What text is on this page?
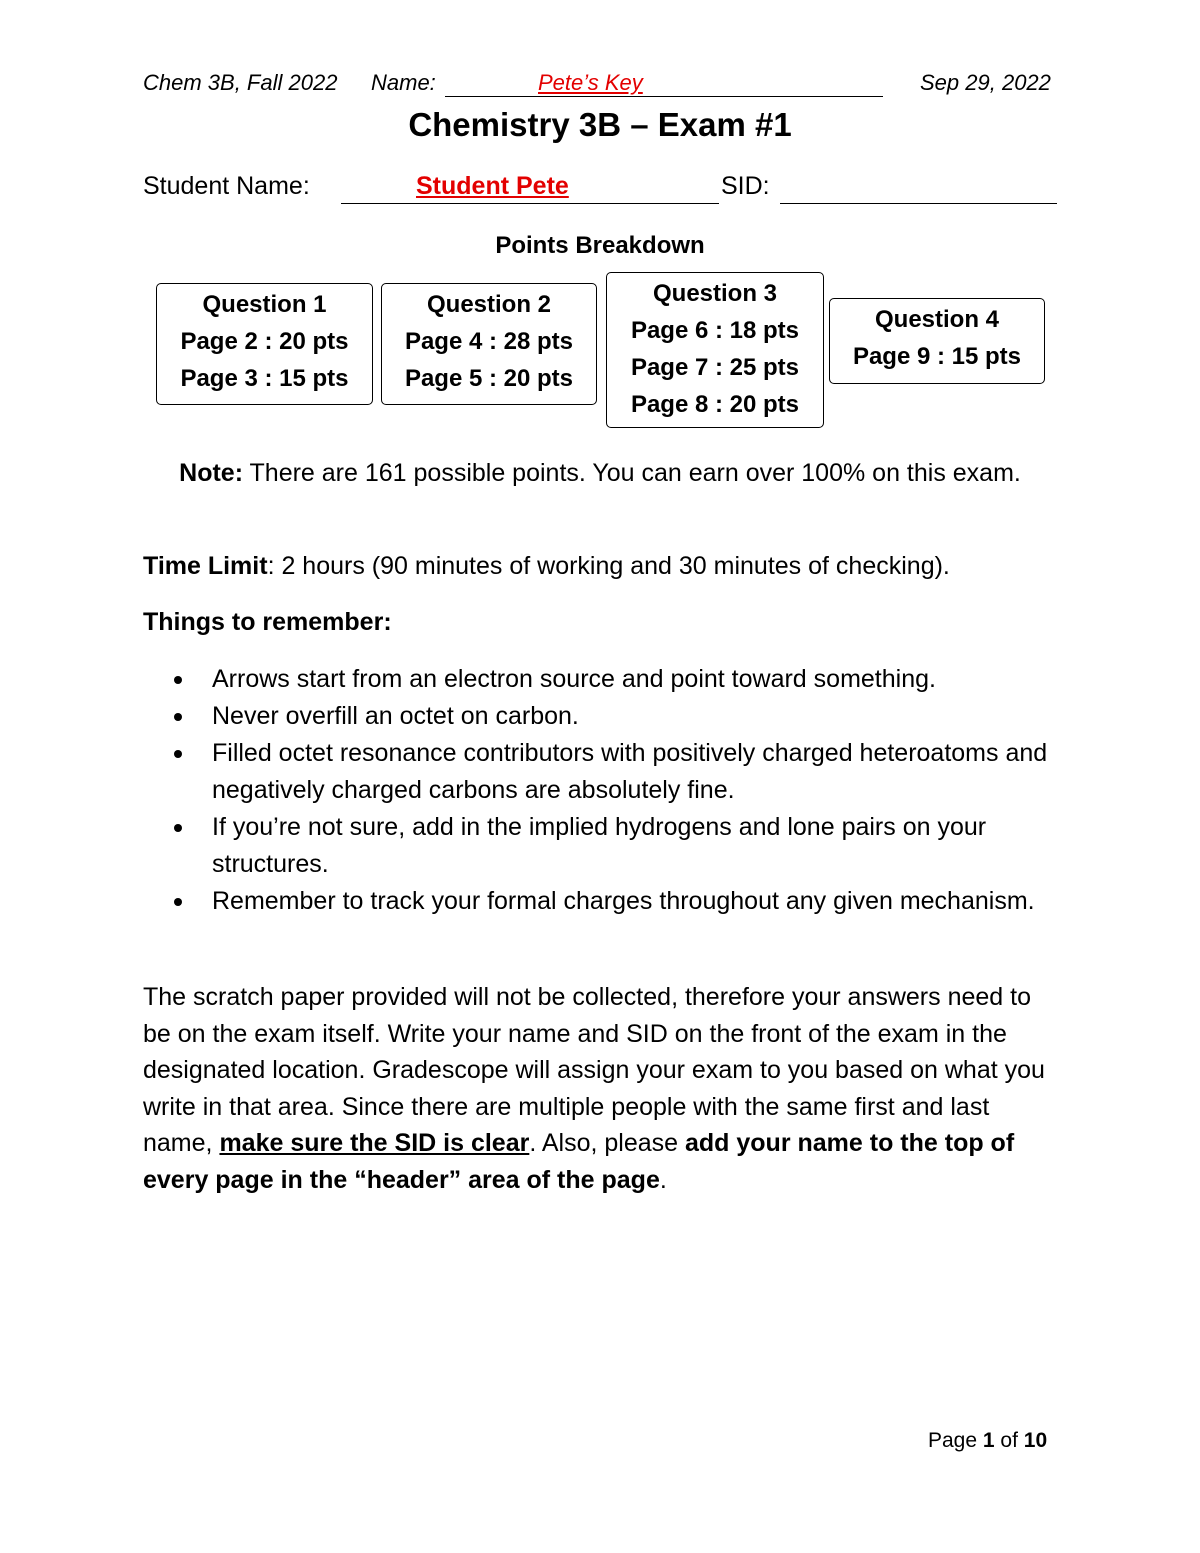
Chem 3B, Fall 2022 Name:	Pete’s Key	Sep 29, 2022
Chemistry 3B – Exam #1
Student Name:	Student Pete	SID:
Points Breakdown
Question 1
Page 2 : 20 pts
Page 3 : 15 pts
Question 2
Page 4 : 28 pts
Page 5 : 20 pts
Question 3
Page 6 : 18 pts
Page 7 : 25 pts
Page 8 : 20 pts
Question 4
Page 9 : 15 pts
Note: There are 161 possible points. You can earn over 100% on this exam.
Time Limit: 2 hours (90 minutes of working and 30 minutes of checking).
Things to remember:
Arrows start from an electron source and point toward something.
Never overfill an octet on carbon.
Filled octet resonance contributors with positively charged heteroatoms and negatively charged carbons are absolutely fine.
If you’re not sure, add in the implied hydrogens and lone pairs on your structures.
Remember to track your formal charges throughout any given mechanism.
The scratch paper provided will not be collected, therefore your answers need to be on the exam itself. Write your name and SID on the front of the exam in the designated location. Gradescope will assign your exam to you based on what you write in that area. Since there are multiple people with the same first and last name, make sure the SID is clear. Also, please add your name to the top of every page in the “header” area of the page.
Page 1 of 10
